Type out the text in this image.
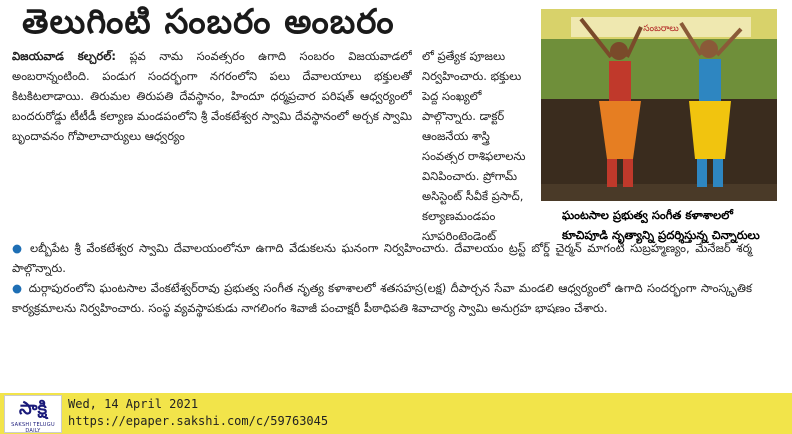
తెలుగింటి సంబరం అంబరం

విజయవాడ కల్చరల్: ప్లవ నామ సంవత్సరం ఉగాది సంబరం విజయవాడలో అంబరాన్నంటింది. పండుగ సందర్భంగా నగరంలోని పలు దేవాలయాలు భక్తులతో కిటకిటలాడాయి. తిరుమల తిరుపతి దేవస్థానం, హిందూ ధర్మప్రచార పరిషత్ ఆధ్వర్యంలో బందరురోడ్డు టీటీడీ కల్యాణ మండపంలోని శ్రీ వేంకటేశ్వర స్వామి దేవస్థానంలో అర్చక స్వామి బృందావనం గోపాలాచార్యులు ఆధ్వర్యం

లో ప్రత్యేక పూజలు నిర్వహించారు. భక్తులు పెద్ద సంఖ్యలో పాల్గొన్నారు. డాక్టర్ ఆంజనేయ శాస్త్రి సంవత్సర రాశిఫలాలను వినిపించారు. ప్రోగామ్ అసిస్టెంట్ సీవీకే ప్రసాద్, కల్యాణమండపం సూపరింటెండెంట్

● లబ్బీపేట శ్రీ వేంకటేశ్వర స్వామి దేవాలయంలోనూ ఉగాది వేడుకలను ఘనంగా నిర్వహించారు. దేవాలయం ట్రస్ట్ బోర్డ్ చైర్మన్ మాగంటి సుబ్రహ్మణ్యం, మేనేజర్ శర్మ పాల్గొన్నారు.

● దుర్గాపురంలోని ఘంటసాల వేంకటేశ్వర్‌రావు ప్రభుత్వ సంగీత నృత్య కళాశాలలో శతసహస్ర(లక్ష) దీపార్చన సేవా మండలి ఆధ్వర్యంలో ఉగాది సందర్భంగా సాంస్కృతిక కార్యక్రమాలను నిర్వహించారు. సంస్థ వ్యవస్థాపకుడు నాగలింగం శివాజీ పంచాక్షరీ పీఠాధిపతి శివాచార్య స్వామి అనుగ్రహ భాషణం చేశారు.

సంబరాలు
ఘంటసాల ప్రభుత్వ సంగీత కళాశాలలో
కూచిపూడి నృత్యాన్ని ప్రదర్శిస్తున్న చిన్నారులు
సాక్షి
SAKSHI TELUGU DAILY
Wed, 14 April 2021
https://epaper.sakshi.com/c/59763045
